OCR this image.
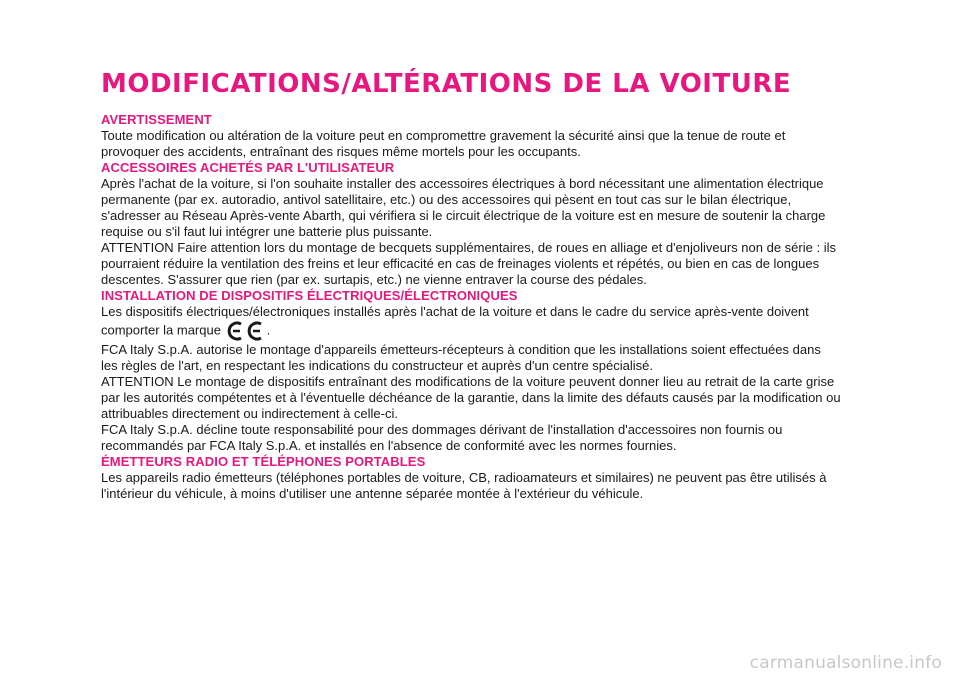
MODIFICATIONS/ALTÉRATIONS DE LA VOITURE
AVERTISSEMENT

Toute modification ou altération de la voiture peut en compromettre gravement la sécurité ainsi que la tenue de route et provoquer des accidents, entraînant des risques même mortels pour les occupants.

ACCESSOIRES ACHETÉS PAR L'UTILISATEUR

Après l'achat de la voiture, si l'on souhaite installer des accessoires électriques à bord nécessitant une alimentation électrique permanente (par ex. autoradio, antivol satellitaire, etc.) ou des accessoires qui pèsent en tout cas sur le bilan électrique, s'adresser au Réseau Après-vente Abarth, qui vérifiera si le circuit électrique de la voiture est en mesure de soutenir la charge requise ou s'il faut lui intégrer une batterie plus puissante.

ATTENTION Faire attention lors du montage de becquets supplémentaires, de roues en alliage et d'enjoliveurs non de série : ils pourraient réduire la ventilation des freins et leur efficacité en cas de freinages violents et répétés, ou bien en cas de longues descentes. S'assurer que rien (par ex. surtapis, etc.) ne vienne entraver la course des pédales.

INSTALLATION DE DISPOSITIFS ÉLECTRIQUES/ÉLECTRONIQUES

Les dispositifs électriques/électroniques installés après l'achat de la voiture et dans le cadre du service après-vente doivent comporter la marque	.

FCA Italy S.p.A. autorise le montage d'appareils émetteurs-récepteurs à condition que les installations soient effectuées dans les règles de l'art, en respectant les indications du constructeur et auprès d'un centre spécialisé.

ATTENTION Le montage de dispositifs entraînant des modifications de la voiture peuvent donner lieu au retrait de la carte grise par les autorités compétentes et à l'éventuelle déchéance de la garantie, dans la limite des défauts causés par la modification ou attribuables directement ou indirectement à celle-ci.

FCA Italy S.p.A. décline toute responsabilité pour des dommages dérivant de l'installation d'accessoires non fournis ou recommandés par FCA Italy S.p.A. et installés en l'absence de conformité avec les normes fournies.

ÉMETTEURS RADIO ET TÉLÉPHONES PORTABLES

Les appareils radio émetteurs (téléphones portables de voiture, CB, radioamateurs et similaires) ne peuvent pas être utilisés à l'intérieur du véhicule, à moins d'utiliser une antenne séparée montée à l'extérieur du véhicule.

carmanualsonline.info
